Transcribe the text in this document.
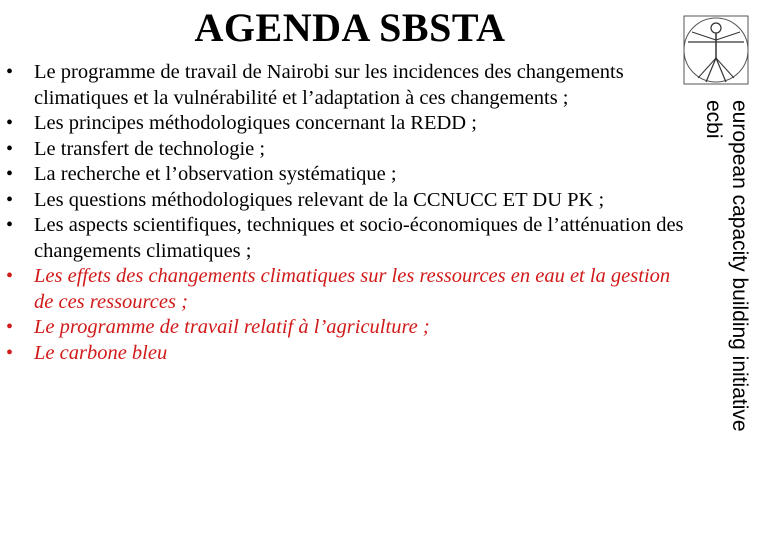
AGENDA SBSTA
• Le programme de travail de Nairobi sur les incidences des changements climatiques et la vulnérabilité et l’adaptation à ces changements ;
• Les principes méthodologiques concernant la REDD ;
• Le transfert de technologie ;
• La recherche et l’observation systématique ;
• Les questions méthodologiques relevant de la CCNUCC ET DU PK ;
• Les aspects scientifiques, techniques et socio-économiques de l’atténuation des changements climatiques ;
• Les effets des changements climatiques sur les ressources en eau et la gestion de ces ressources ;
• Le programme de travail relatif à l’agriculture ;
• Le carbone bleu	european capacity building initiative
ecbi
